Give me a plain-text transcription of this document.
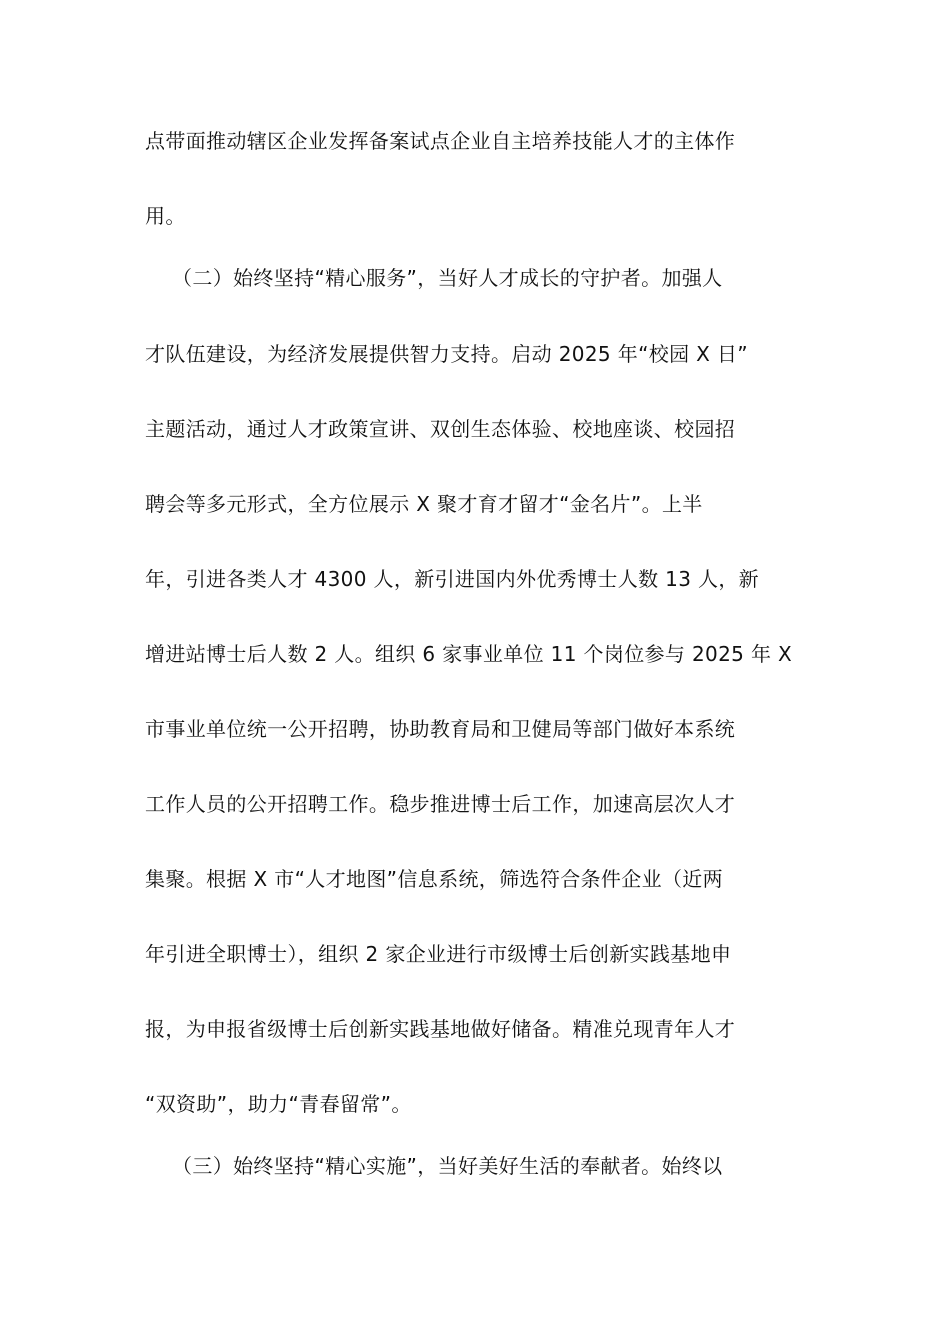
点带面推动辖区企业发挥备案试点企业自主培养技能人才的主体作
用。
（二）始终坚持“精心服务”，当好人才成长的守护者。加强人
才队伍建设，为经济发展提供智力支持。启动 2025 年“校园 X 日”
主题活动，通过人才政策宣讲、双创生态体验、校地座谈、校园招
聘会等多元形式，全方位展示 X 聚才育才留才“金名片”。上半
年，引进各类人才 4300 人，新引进国内外优秀博士人数 13 人，新
增进站博士后人数 2 人。组织 6 家事业单位 11 个岗位参与 2025 年 X
市事业单位统一公开招聘，协助教育局和卫健局等部门做好本系统
工作人员的公开招聘工作。稳步推进博士后工作，加速高层次人才
集聚。根据 X 市“人才地图”信息系统，筛选符合条件企业（近两
年引进全职博士），组织 2 家企业进行市级博士后创新实践基地申
报，为申报省级博士后创新实践基地做好储备。精准兑现青年人才
“双资助”，助力“青春留常”。
（三）始终坚持“精心实施”，当好美好生活的奉献者。始终以
